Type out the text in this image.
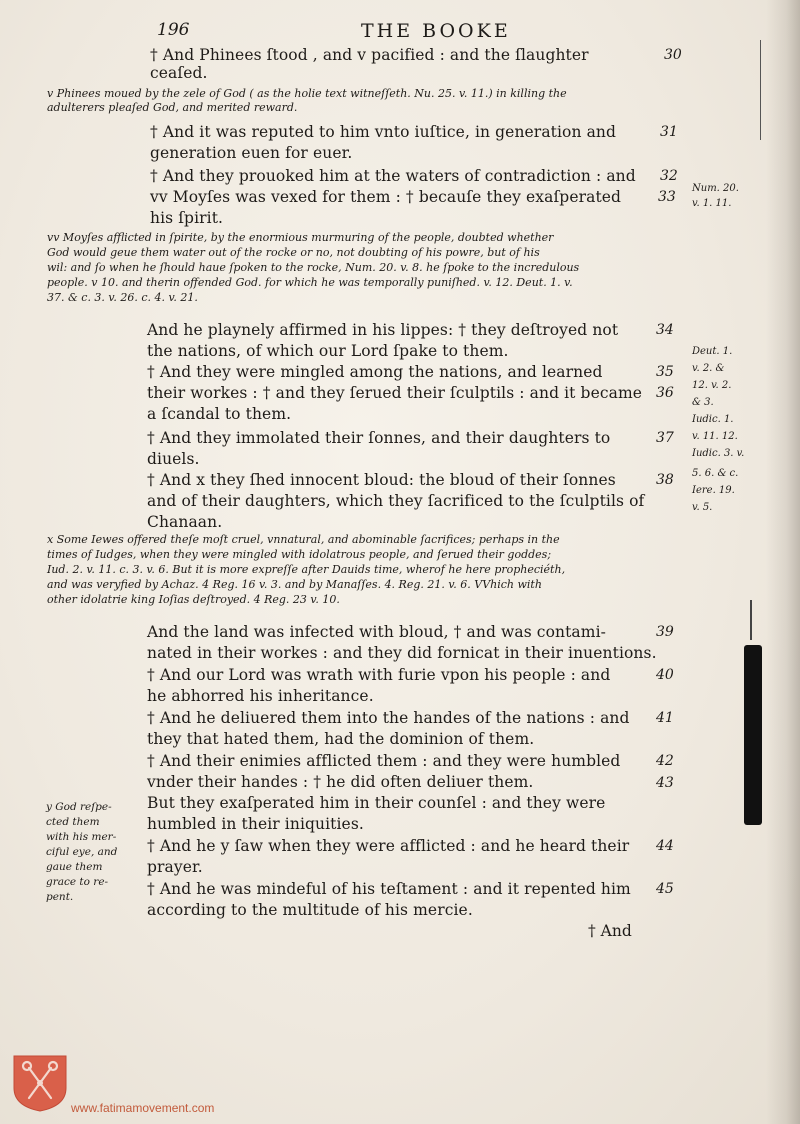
196	THE BOOKE
† And Phinees ſtood , and v pacified : and the ſlaughter
ceaſed.
† And it was reputed to him vnto iuſtice, in generation and
generation euen for euer.
† And they prouoked him at the waters of contradiction : and
vv Moyſes was vexed for them : † becauſe they exaſperated
his ſpirit.
And he playnely affirmed in his lippes: † they deſtroyed not
the nations, of which our Lord ſpake to them.
† And they were mingled among the nations, and learned
their workes : † and they ſerued their ſculptils : and it became
a ſcandal to them.
† And they immolated their ſonnes, and their daughters to
diuels.
† And x they ſhed innocent bloud: the bloud of their ſonnes
and of their daughters, which they ſacrificed to the ſculptils of
Chanaan.
And the land was infected with bloud, † and was contami-
nated in their workes : and they did fornicat in their inuentions.
† And our Lord was wrath with furie vpon his people : and
he abhorred his inheritance.
† And he deliuered them into the handes of the nations : and
they that hated them, had the dominion of them.
† And their enimies afflicted them : and they were humbled
vnder their handes : † he did often deliuer them.
But they exaſperated him in their counſel : and they were
humbled in their iniquities.
† And he y ſaw when they were afflicted : and he heard their
prayer.
† And he was mindeful of his teſtament : and it repented him
according to the multitude of his mercie.
30
31
32
33
34
35
36
37
38
39
40
41
42
43
44
45
v Phinees moued by the zele of God ( as the holie text witneſſeth. Nu. 25. v. 11.) in killing the
adulterers pleaſed God, and merited reward.
vv Moyſes afflicted in ſpirite, by the enormious murmuring of the people, doubted whether
God would geue them water out of the rocke or no, not doubting of his powre, but of his
wil: and ſo when he ſhould haue ſpoken to the rocke, Num. 20. v. 8. he ſpoke to the incredulous
people. v 10. and therin offended God. for which he was temporally puniſhed. v. 12. Deut. 1. v.
37. & c. 3. v. 26. c. 4. v. 21.
x Some Iewes offered theſe moſt cruel, vnnatural, and abominable ſacrifices; perhaps in the
times of Iudges, when they were mingled with idolatrous people, and ſerued their goddes;
Iud. 2. v. 11. c. 3. v. 6. But it is more expreſſe after Dauids time, wherof he here propheciéth,
and was veryfied by Achaz. 4 Reg. 16 v. 3. and by Manaſſes. 4. Reg. 21. v. 6. VVhich with
other idolatrie king Ioſias deſtroyed. 4 Reg. 23 v. 10.
Num. 20.
v. 1. 11.
Deut. 1.
v. 2. &
12. v. 2.
& 3.
Iudic. 1.
v. 11. 12.
Iudic. 3. v.
5. 6. & c.
Iere. 19.
v. 5.
y God reſpe-
cted them
with his mer-
ciful eye, and
gaue them
grace to re-
pent.
† And
www.fatimamovement.com
